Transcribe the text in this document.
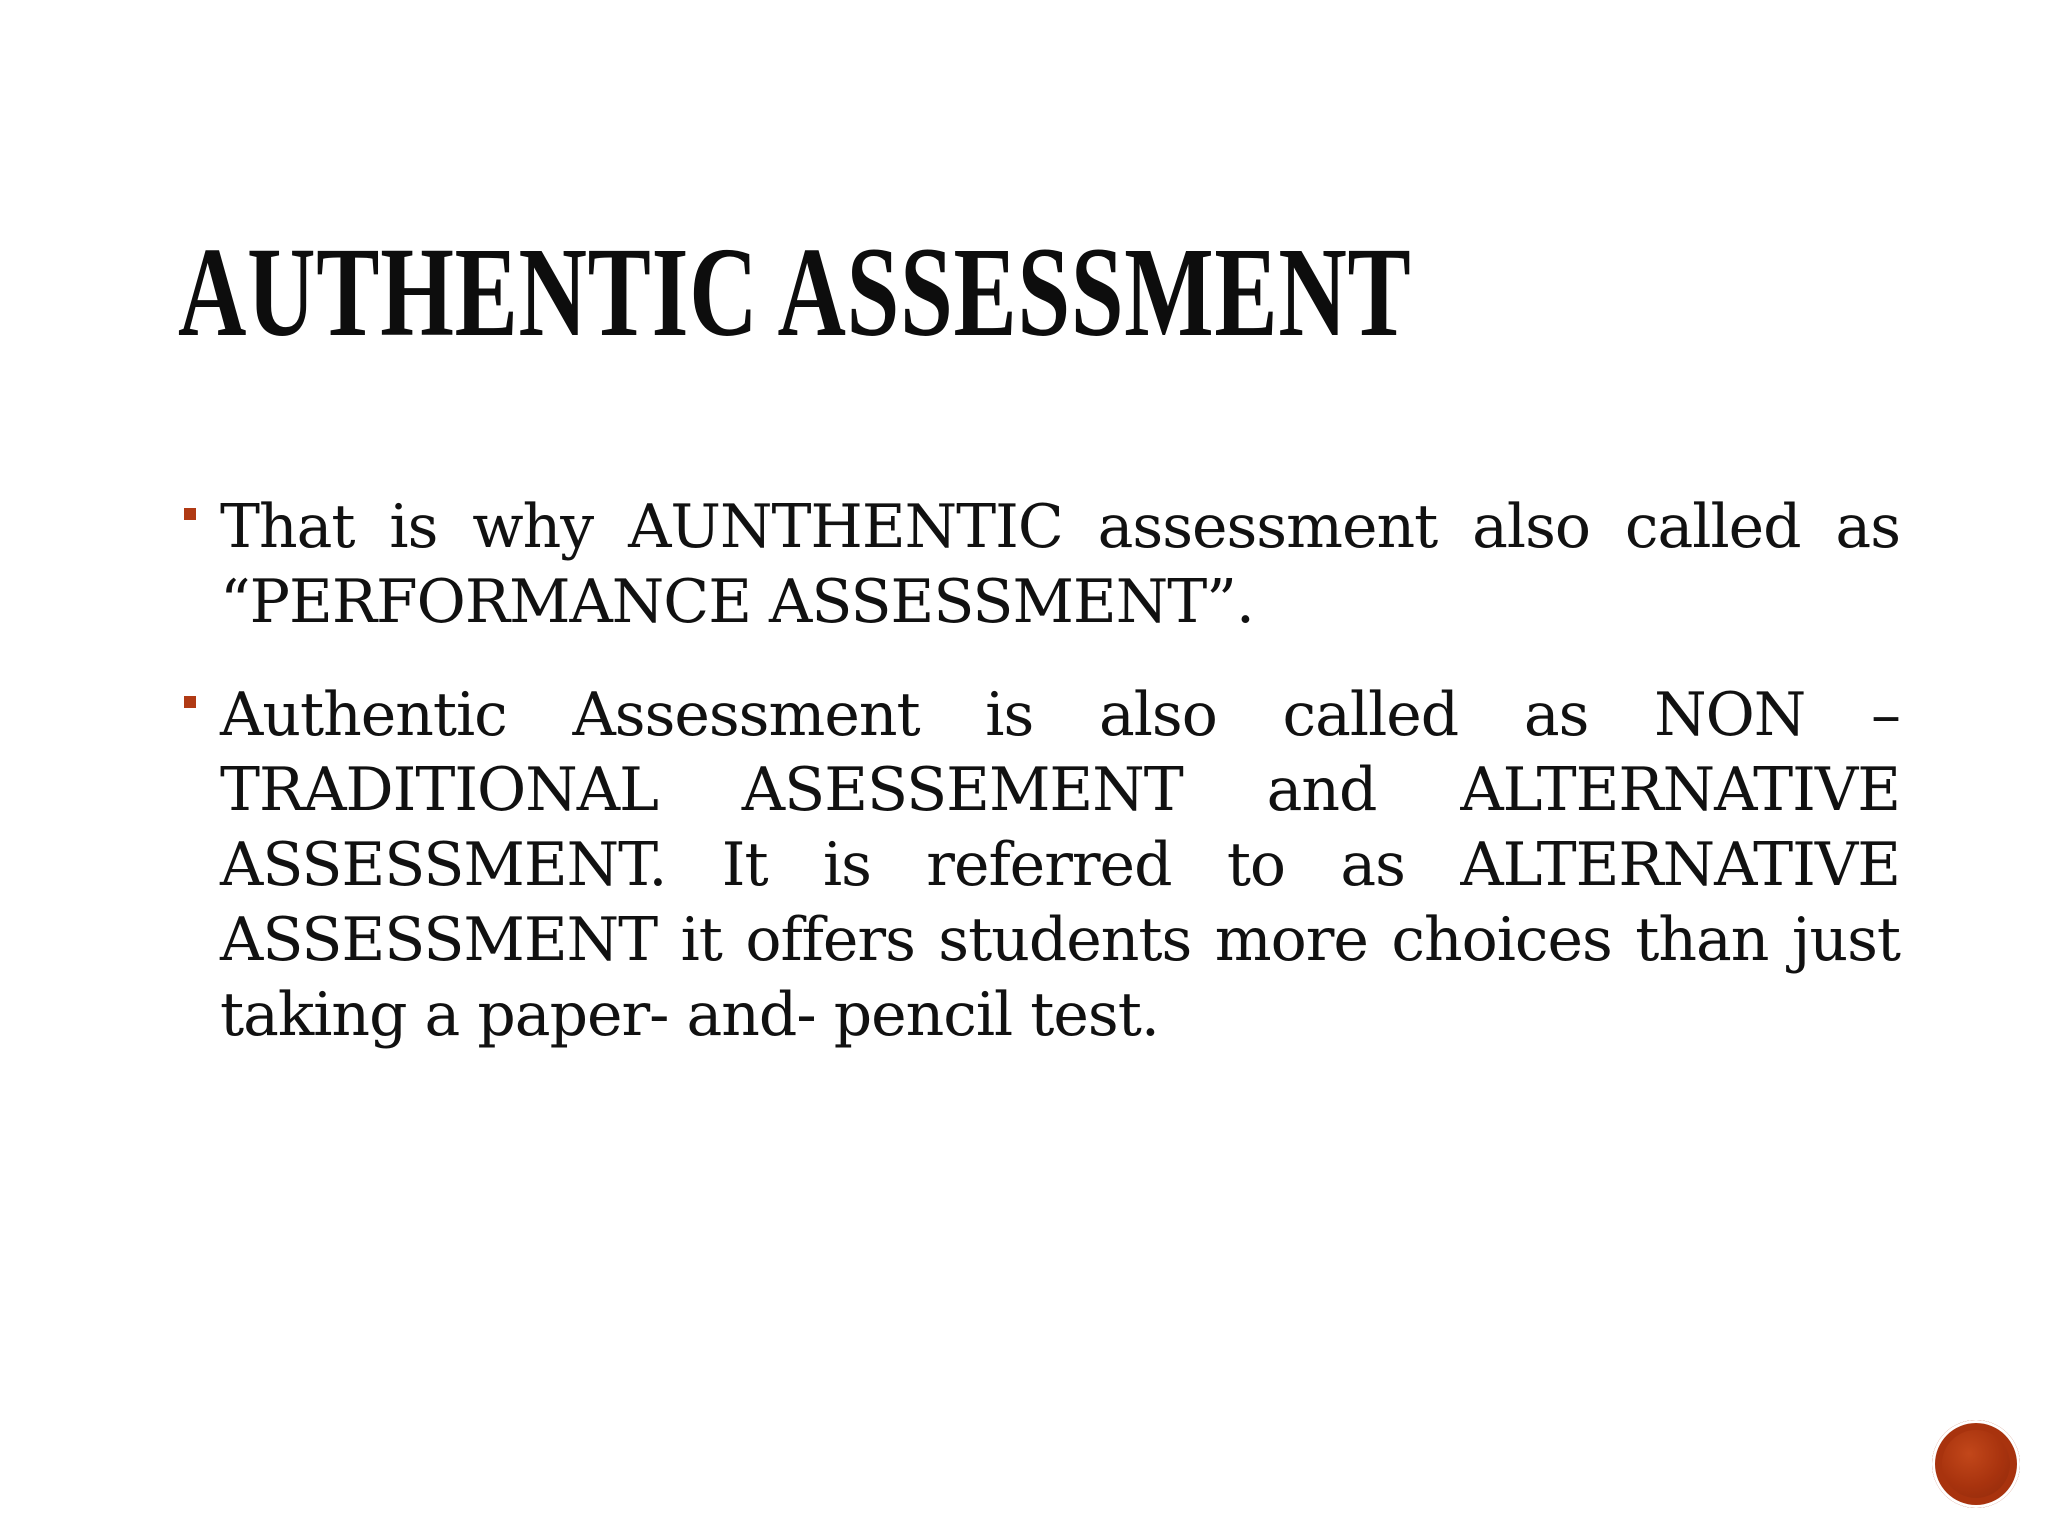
AUTHENTIC ASSESSMENT
That is why AUNTHENTIC assessment also called as “PERFORMANCE ASSESSMENT”.
Authentic Assessment is also called as NON – TRADITIONAL ASESSEMENT and ALTERNATIVE ASSESSMENT. It is referred to as ALTERNATIVE ASSESSMENT it offers students more choices than just taking a paper- and- pencil test.
